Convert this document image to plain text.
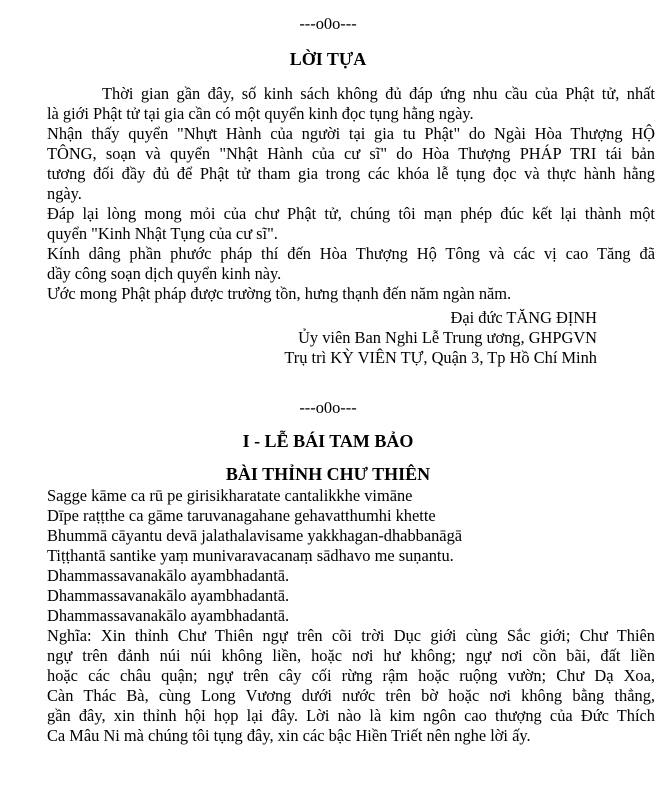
---o0o---
LỜI TỰA
Thời gian gần đây, số kinh sách không đủ đáp ứng nhu cầu của Phật tử, nhất
là giới Phật tử tại gia cần có một quyển kinh đọc tụng hằng ngày.
Nhận thấy quyển "Nhựt Hành của người tại gia tu Phật" do Ngài Hòa Thượng HỘ
TÔNG, soạn và quyển "Nhật Hành của cư sĩ" do Hòa Thượng PHÁP TRI tái bản
tương đối đầy đủ để Phật tử tham gia trong các khóa lễ tụng đọc và thực hành hằng
ngày.
Đáp lại lòng mong mỏi của chư Phật tử, chúng tôi mạn phép đúc kết lại thành một
quyển "Kinh Nhật Tụng của cư sĩ".
Kính dâng phần phước pháp thí đến Hòa Thượng Hộ Tông và các vị cao Tăng đã
dầy công soạn dịch quyển kinh này.
Ước mong Phật pháp được trường tồn, hưng thạnh đến năm ngàn năm.
Đại đức TĂNG ĐỊNH
Ủy viên Ban Nghi Lễ Trung ương, GHPGVN
Trụ trì KỲ VIÊN TỰ, Quận 3, Tp Hồ Chí Minh
---o0o---
I - LỄ BÁI TAM BẢO
BÀI THỈNH CHƯ THIÊN
Sagge kāme ca rū pe girisikharatate cantalikkhe vimāne
Dīpe raṭṭthe ca gāme taruvanagahane gehavatthumhi khette
Bhummā cāyantu devā jalathalavisame yakkhagan-dhabbanāgā
Tiṭṭhantā santike yaṃ munivaravacanaṃ sādhavo me suṇantu.
Dhammassavanakālo ayambhadantā.
Dhammassavanakālo ayambhadantā.
Dhammassavanakālo ayambhadantā.
Nghĩa: Xin thỉnh Chư Thiên ngự trên cõi trời Dục giới cùng Sắc giới; Chư Thiên
ngự trên đảnh núi núi không liền, hoặc nơi hư không; ngự nơi cồn bãi, đất liền
hoặc các châu quận; ngự trên cây cối rừng rậm hoặc ruộng vườn; Chư Dạ Xoa,
Càn Thác Bà, cùng Long Vương dưới nước trên bờ hoặc nơi không bằng thẳng,
gần đây, xin thỉnh hội họp lại đây. Lời nào là kim ngôn cao thượng của Đức Thích
Ca Mâu Ni mà chúng tôi tụng đây, xin các bậc Hiền Triết nên nghe lời ấy.
